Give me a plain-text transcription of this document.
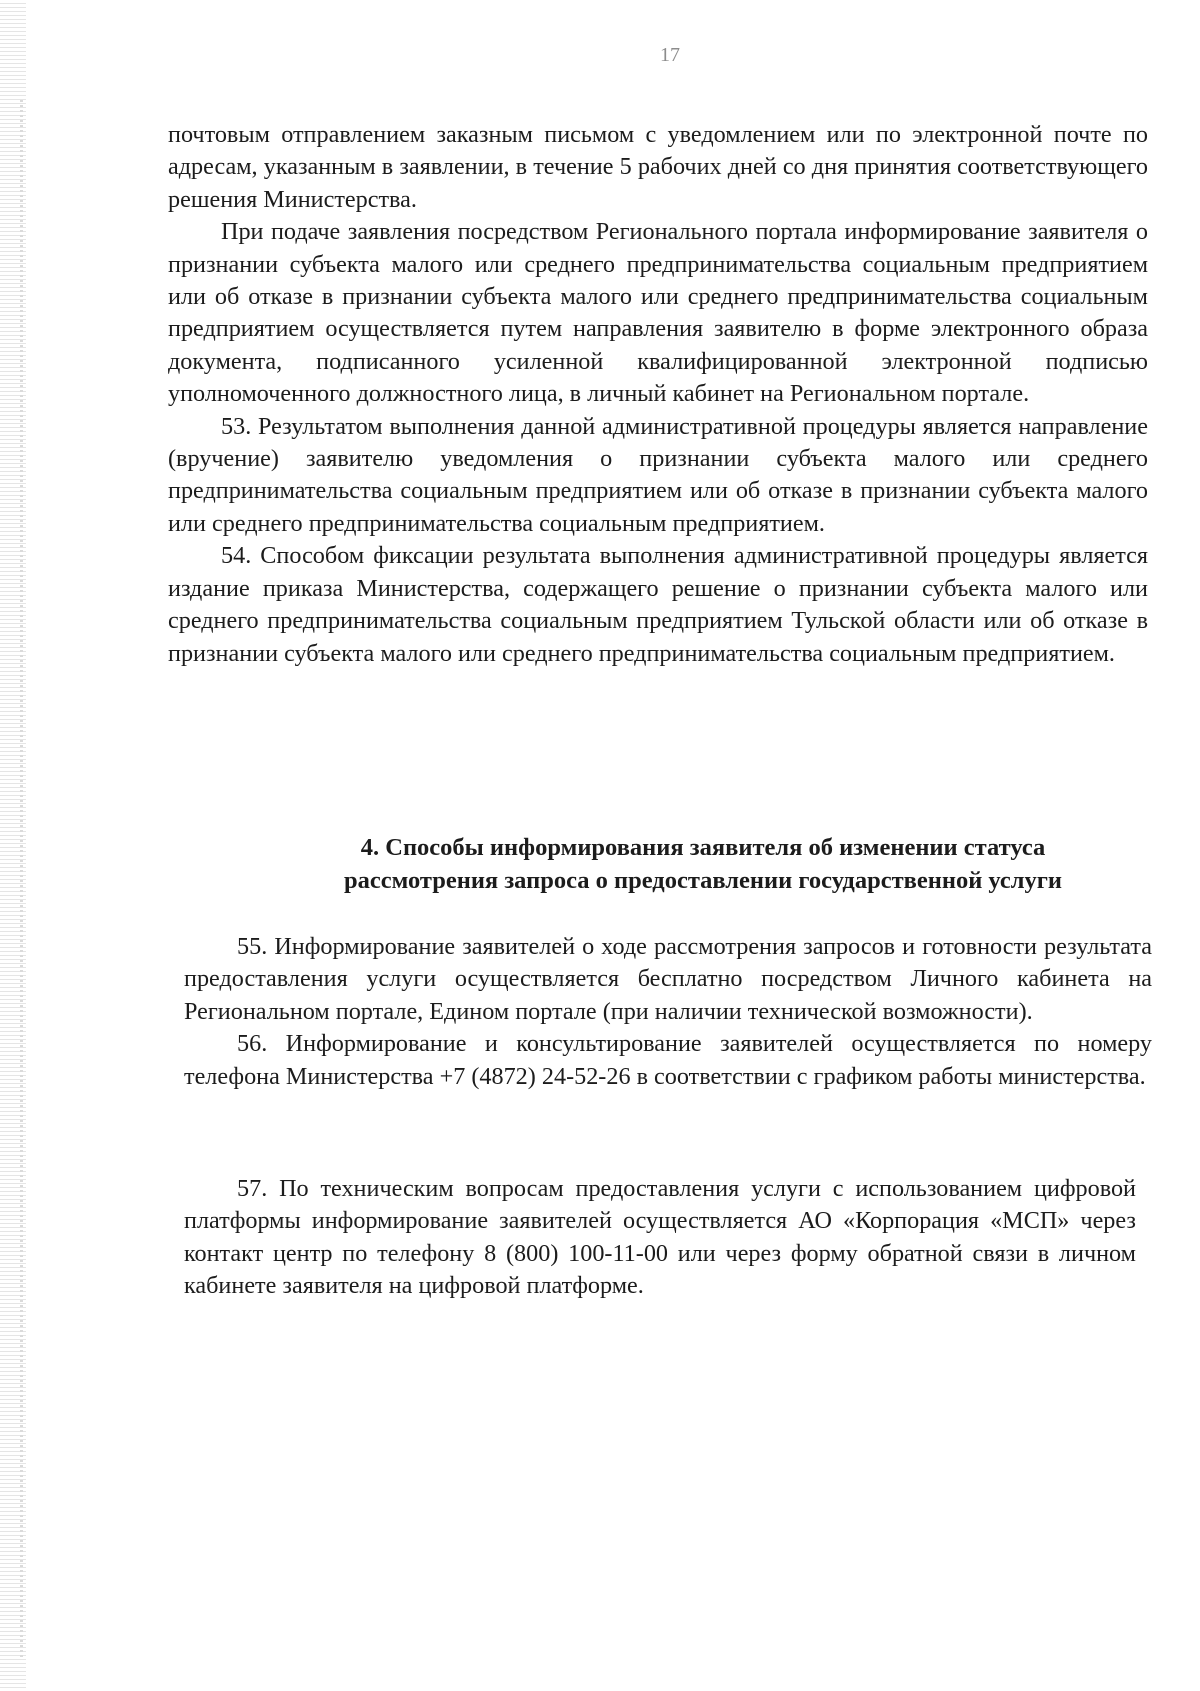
17

почтовым отправлением заказным письмом с уведомлением или по электронной почте по адресам, указанным в заявлении, в течение 5 рабочих дней со дня принятия соответствующего решения Министерства.

При подаче заявления посредством Регионального портала информирование заявителя о признании субъекта малого или среднего предпринимательства социальным предприятием или об отказе в признании субъекта малого или среднего предпринимательства социальным предприятием осуществляется путем направления заявителю в форме электронного образа документа, подписанного усиленной квалифицированной электронной подписью уполномоченного должностного лица, в личный кабинет на Региональном портале.

53. Результатом выполнения данной административной процедуры является направление (вручение) заявителю уведомления о признании субъекта малого или среднего предпринимательства социальным предприятием или об отказе в признании субъекта малого или среднего предпринимательства социальным предприятием.

54. Способом фиксации результата выполнения административной процедуры является издание приказа Министерства, содержащего решение о признании субъекта малого или среднего предпринимательства социальным предприятием Тульской области или об отказе в признании субъекта малого или среднего предпринимательства социальным предприятием.

4. Способы информирования заявителя об изменении статуса
рассмотрения запроса о предоставлении государственной услуги

55. Информирование заявителей о ходе рассмотрения запросов и готовности результата предоставления услуги осуществляется бесплатно посредством Личного кабинета на Региональном портале, Едином портале (при наличии технической возможности).

56. Информирование и консультирование заявителей осуществляется по номеру телефона Министерства +7 (4872) 24-52-26 в соответствии с графиком работы министерства.

57. По техническим вопросам предоставления услуги с использованием цифровой платформы информирование заявителей осуществляется АО «Корпорация «МСП» через контакт центр по телефону 8 (800) 100-11-00 или через форму обратной связи в личном кабинете заявителя на цифровой платформе.
